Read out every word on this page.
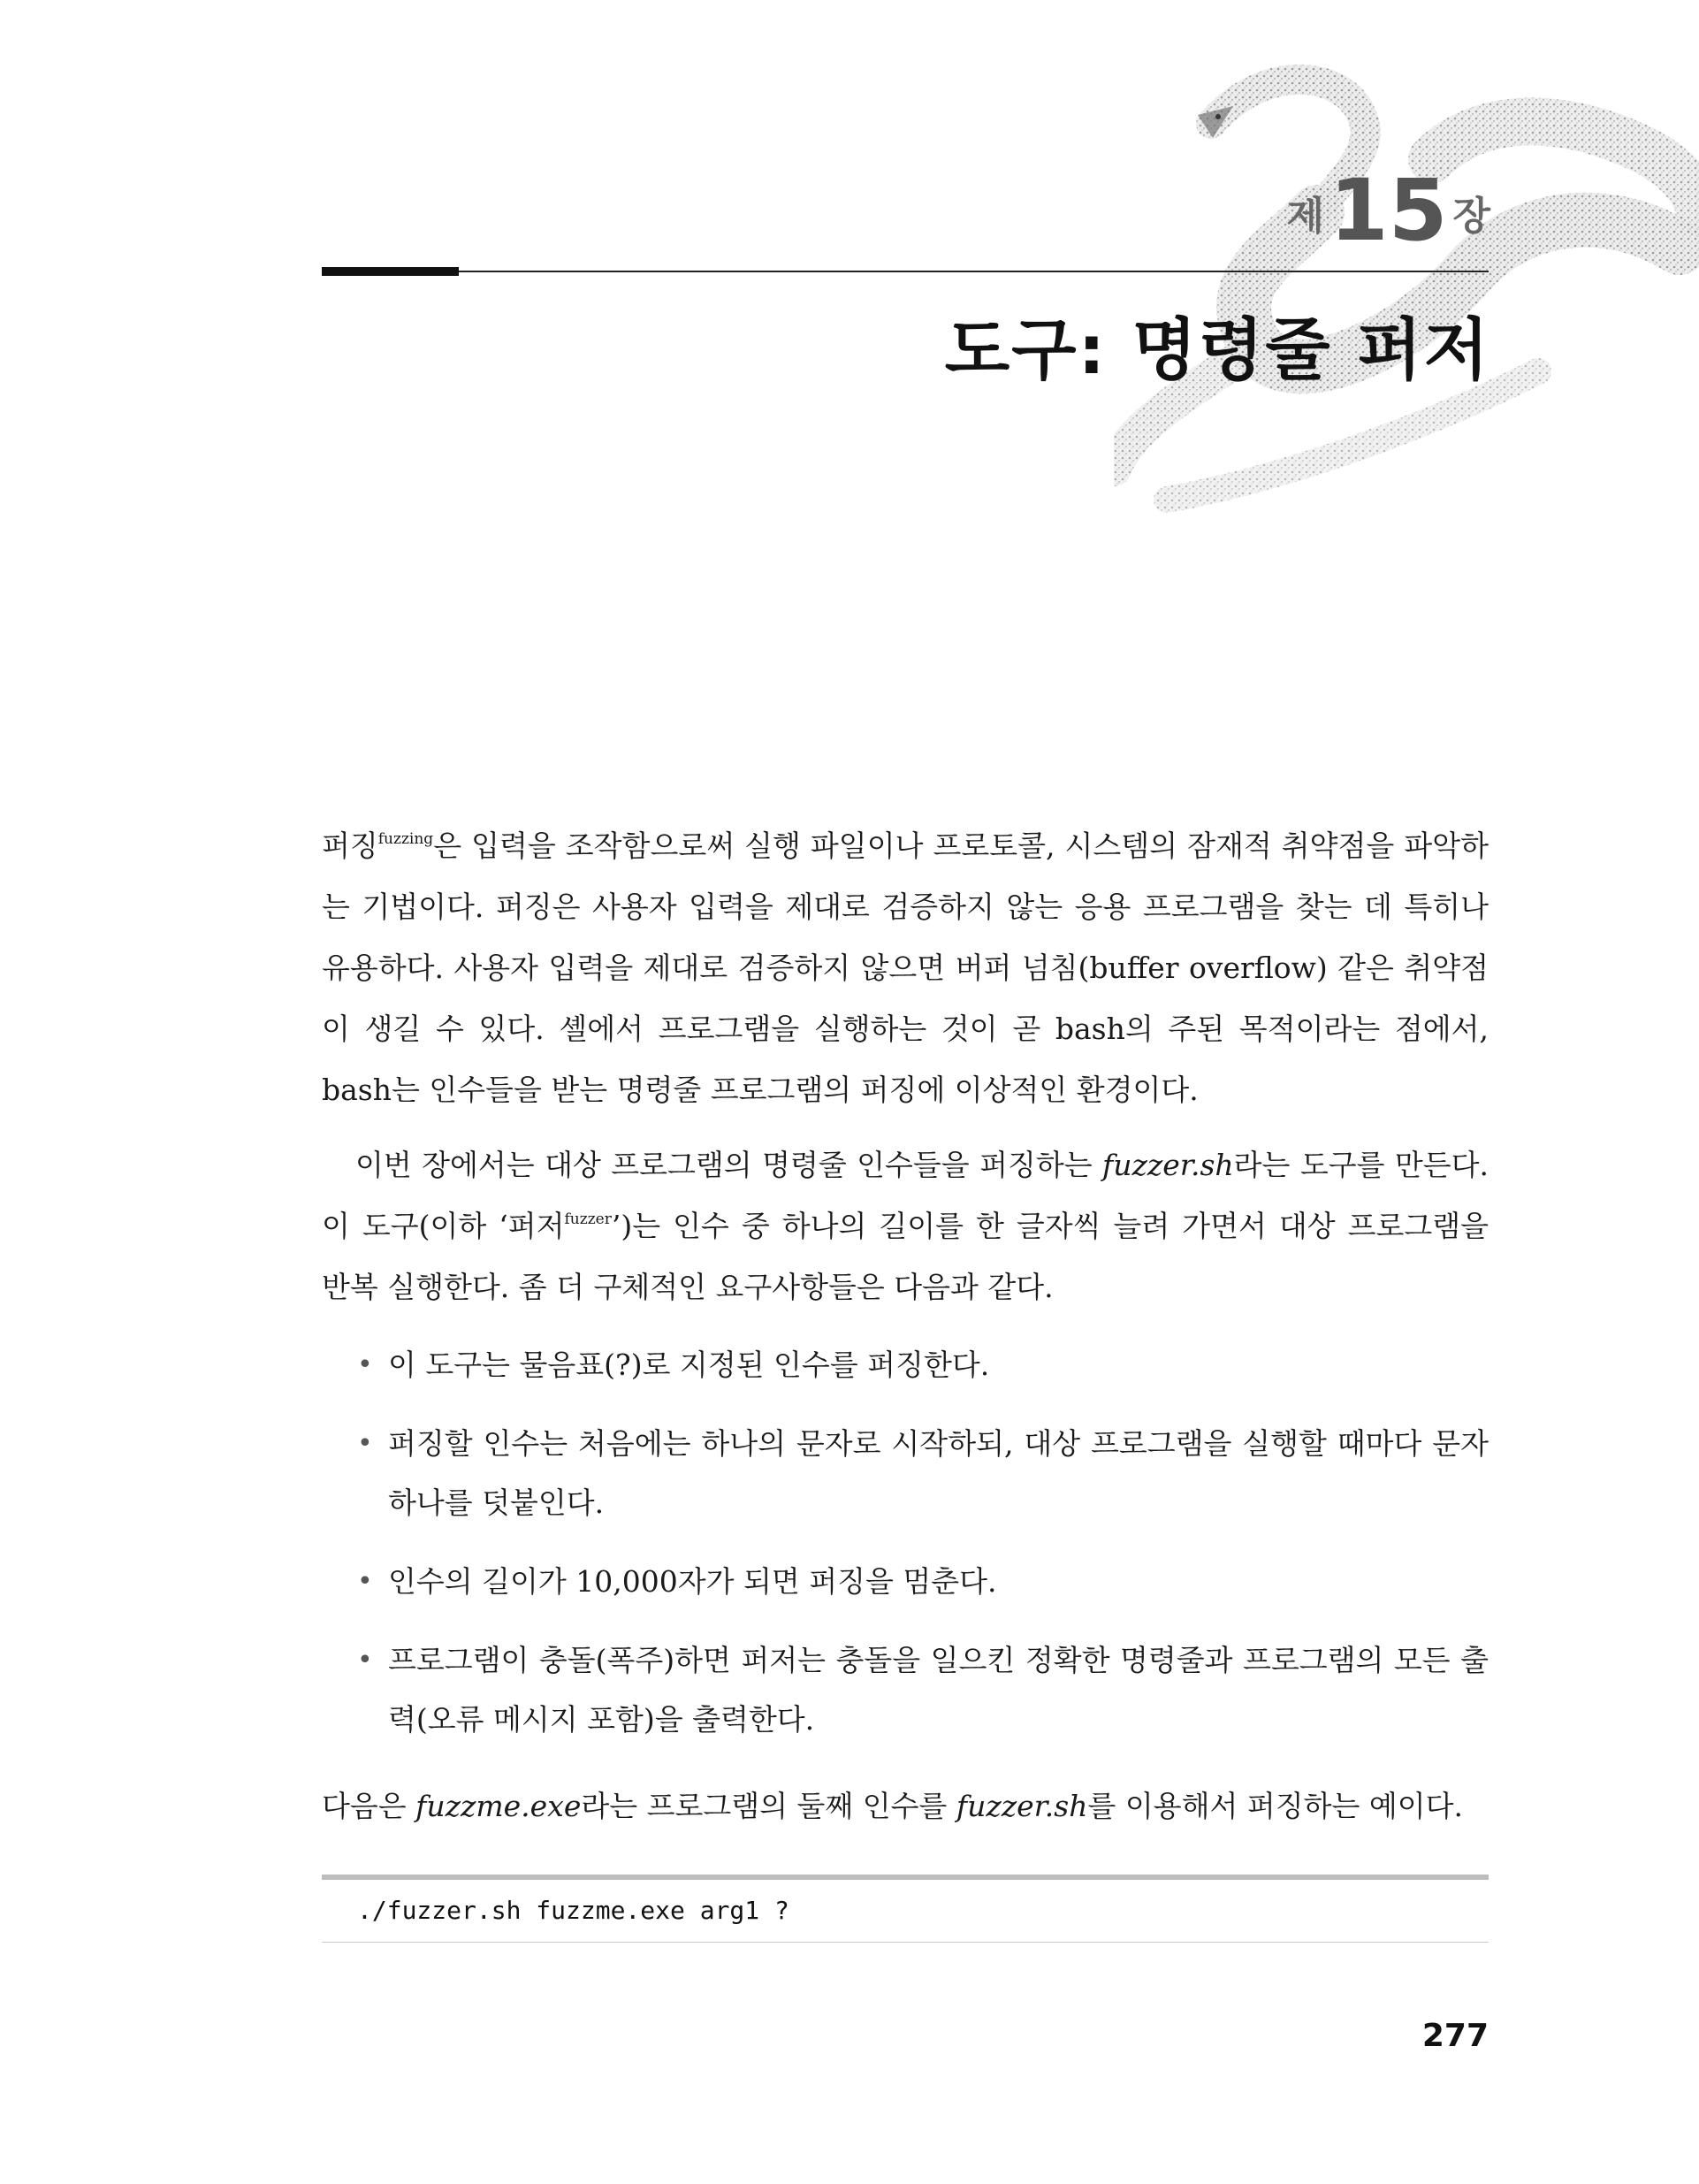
제 15 장
도구: 명령줄 퍼저

퍼징$^{fuzzing}$은 입력을 조작함으로써 실행 파일이나 프로토콜, 시스템의 잠재적 취약점을 파악하는 기법이다. 퍼징은 사용자 입력을 제대로 검증하지 않는 응용 프로그램을 찾는 데 특히나 유용하다. 사용자 입력을 제대로 검증하지 않으면 버퍼 넘침(buffer overflow) 같은 취약점이 생길 수 있다. 셸에서 프로그램을 실행하는 것이 곧 bash의 주된 목적이라는 점에서, bash는 인수들을 받는 명령줄 프로그램의 퍼징에 이상적인 환경이다.

이번 장에서는 대상 프로그램의 명령줄 인수들을 퍼징하는 fuzzer.sh라는 도구를 만든다. 이 도구(이하 ‘퍼저$^{fuzzer}$’)는 인수 중 하나의 길이를 한 글자씩 늘려 가면서 대상 프로그램을 반복 실행한다. 좀 더 구체적인 요구사항들은 다음과 같다.

• 이 도구는 물음표(?)로 지정된 인수를 퍼징한다.
• 퍼징할 인수는 처음에는 하나의 문자로 시작하되, 대상 프로그램을 실행할 때마다 문자 하나를 덧붙인다.
• 인수의 길이가 10,000자가 되면 퍼징을 멈춘다.
• 프로그램이 충돌(폭주)하면 퍼저는 충돌을 일으킨 정확한 명령줄과 프로그램의 모든 출력(오류 메시지 포함)을 출력한다.

다음은 fuzzme.exe라는 프로그램의 둘째 인수를 fuzzer.sh를 이용해서 퍼징하는 예이다.

./fuzzer.sh fuzzme.exe arg1 ?
277
